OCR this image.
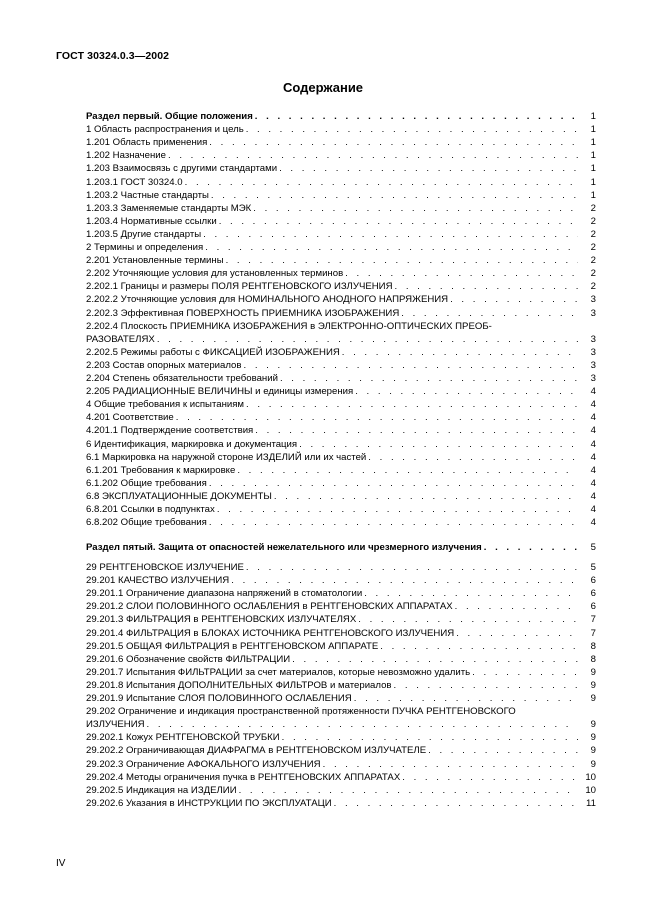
ГОСТ 30324.0.3—2002
Содержание
Раздел первый. Общие положения . . .	1
1 Область распространения и цель . . .	1
1.201 Область применения . . .	1
1.202 Назначение . . .	1
1.203 Взаимосвязь с другими стандартами . . .	1
1.203.1 ГОСТ 30324.0 . . .	1
1.203.2 Частные стандарты . . .	1
1.203.3 Заменяемые стандарты МЭК . . .	2
1.203.4 Нормативные ссылки . . .	2
1.203.5 Другие стандарты . . .	2
2 Термины и определения . . .	2
2.201 Установленные термины . . .	2
2.202 Уточняющие условия для установленных терминов . . .	2
2.202.1 Границы и размеры ПОЛЯ РЕНТГЕНОВСКОГО ИЗЛУЧЕНИЯ . . .	2
2.202.2 Уточняющие условия для НОМИНАЛЬНОГО АНОДНОГО НАПРЯЖЕНИЯ . . .	3
2.202.3 Эффективная ПОВЕРХНОСТЬ ПРИЕМНИКА ИЗОБРАЖЕНИЯ . . .	3
2.202.4 Плоскость ПРИЕМНИКА ИЗОБРАЖЕНИЯ в ЭЛЕКТРОННО-ОПТИЧЕСКИХ ПРЕОБ-
РАЗОВАТЕЛЯХ . . .	3
2.202.5 Режимы работы с ФИКСАЦИЕЙ ИЗОБРАЖЕНИЯ . . .	3
2.203 Состав опорных материалов . . .	3
2.204 Степень обязательности требований . . .	3
2.205 РАДИАЦИОННЫЕ ВЕЛИЧИНЫ и единицы измерения . . .	4
4 Общие требования к испытаниям . . .	4
4.201 Соответствие . . .	4
4.201.1 Подтверждение соответствия . . .	4
6 Идентификация, маркировка и документация . . .	4
6.1 Маркировка на наружной стороне ИЗДЕЛИЙ или их частей . . .	4
6.1.201 Требования к маркировке . . .	4
6.1.202 Общие требования . . .	4
6.8 ЭКСПЛУАТАЦИОННЫЕ ДОКУМЕНТЫ . . .	4
6.8.201 Ссылки в подпунктах . . .	4
6.8.202 Общие требования . . .	4
Раздел пятый. Защита от опасностей нежелательного или чрезмерного излучения . . .	5
29 РЕНТГЕНОВСКОЕ ИЗЛУЧЕНИЕ . . .	5
29.201 КАЧЕСТВО ИЗЛУЧЕНИЯ . . .	6
29.201.1 Ограничение диапазона напряжений в стоматологии . . .	6
29.201.2 СЛОИ ПОЛОВИННОГО ОСЛАБЛЕНИЯ в РЕНТГЕНОВСКИХ АППАРАТАХ . . .	6
29.201.3 ФИЛЬТРАЦИЯ в РЕНТГЕНОВСКИХ ИЗЛУЧАТЕЛЯХ . . .	7
29.201.4 ФИЛЬТРАЦИЯ в БЛОКАХ ИСТОЧНИКА РЕНТГЕНОВСКОГО ИЗЛУЧЕНИЯ . . .	7
29.201.5 ОБЩАЯ ФИЛЬТРАЦИЯ в РЕНТГЕНОВСКОМ АППАРАТЕ . . .	8
29.201.6 Обозначение свойств ФИЛЬТРАЦИИ . . .	8
29.201.7 Испытания ФИЛЬТРАЦИИ за счет материалов, которые невозможно удалить . . .	9
29.201.8 Испытания ДОПОЛНИТЕЛЬНЫХ ФИЛЬТРОВ и материалов . . .	9
29.201.9 Испытание СЛОЯ ПОЛОВИННОГО ОСЛАБЛЕНИЯ . . .	9
29.202 Ограничение и индикация пространственной протяженности ПУЧКА РЕНТГЕНОВСКОГО
ИЗЛУЧЕНИЯ . . .	9
29.202.1 Кожух РЕНТГЕНОВСКОЙ ТРУБКИ . . .	9
29.202.2 Ограничивающая ДИАФРАГМА в РЕНТГЕНОВСКОМ ИЗЛУЧАТЕЛЕ . . .	9
29.202.3 Ограничение АФОКАЛЬНОГО ИЗЛУЧЕНИЯ . . .	9
29.202.4 Методы ограничения пучка в РЕНТГЕНОВСКИХ АППАРАТАХ . . .	10
29.202.5 Индикация на ИЗДЕЛИИ . . .	10
29.202.6 Указания в ИНСТРУКЦИИ ПО ЭКСПЛУАТАЦИ . . .	11
IV
